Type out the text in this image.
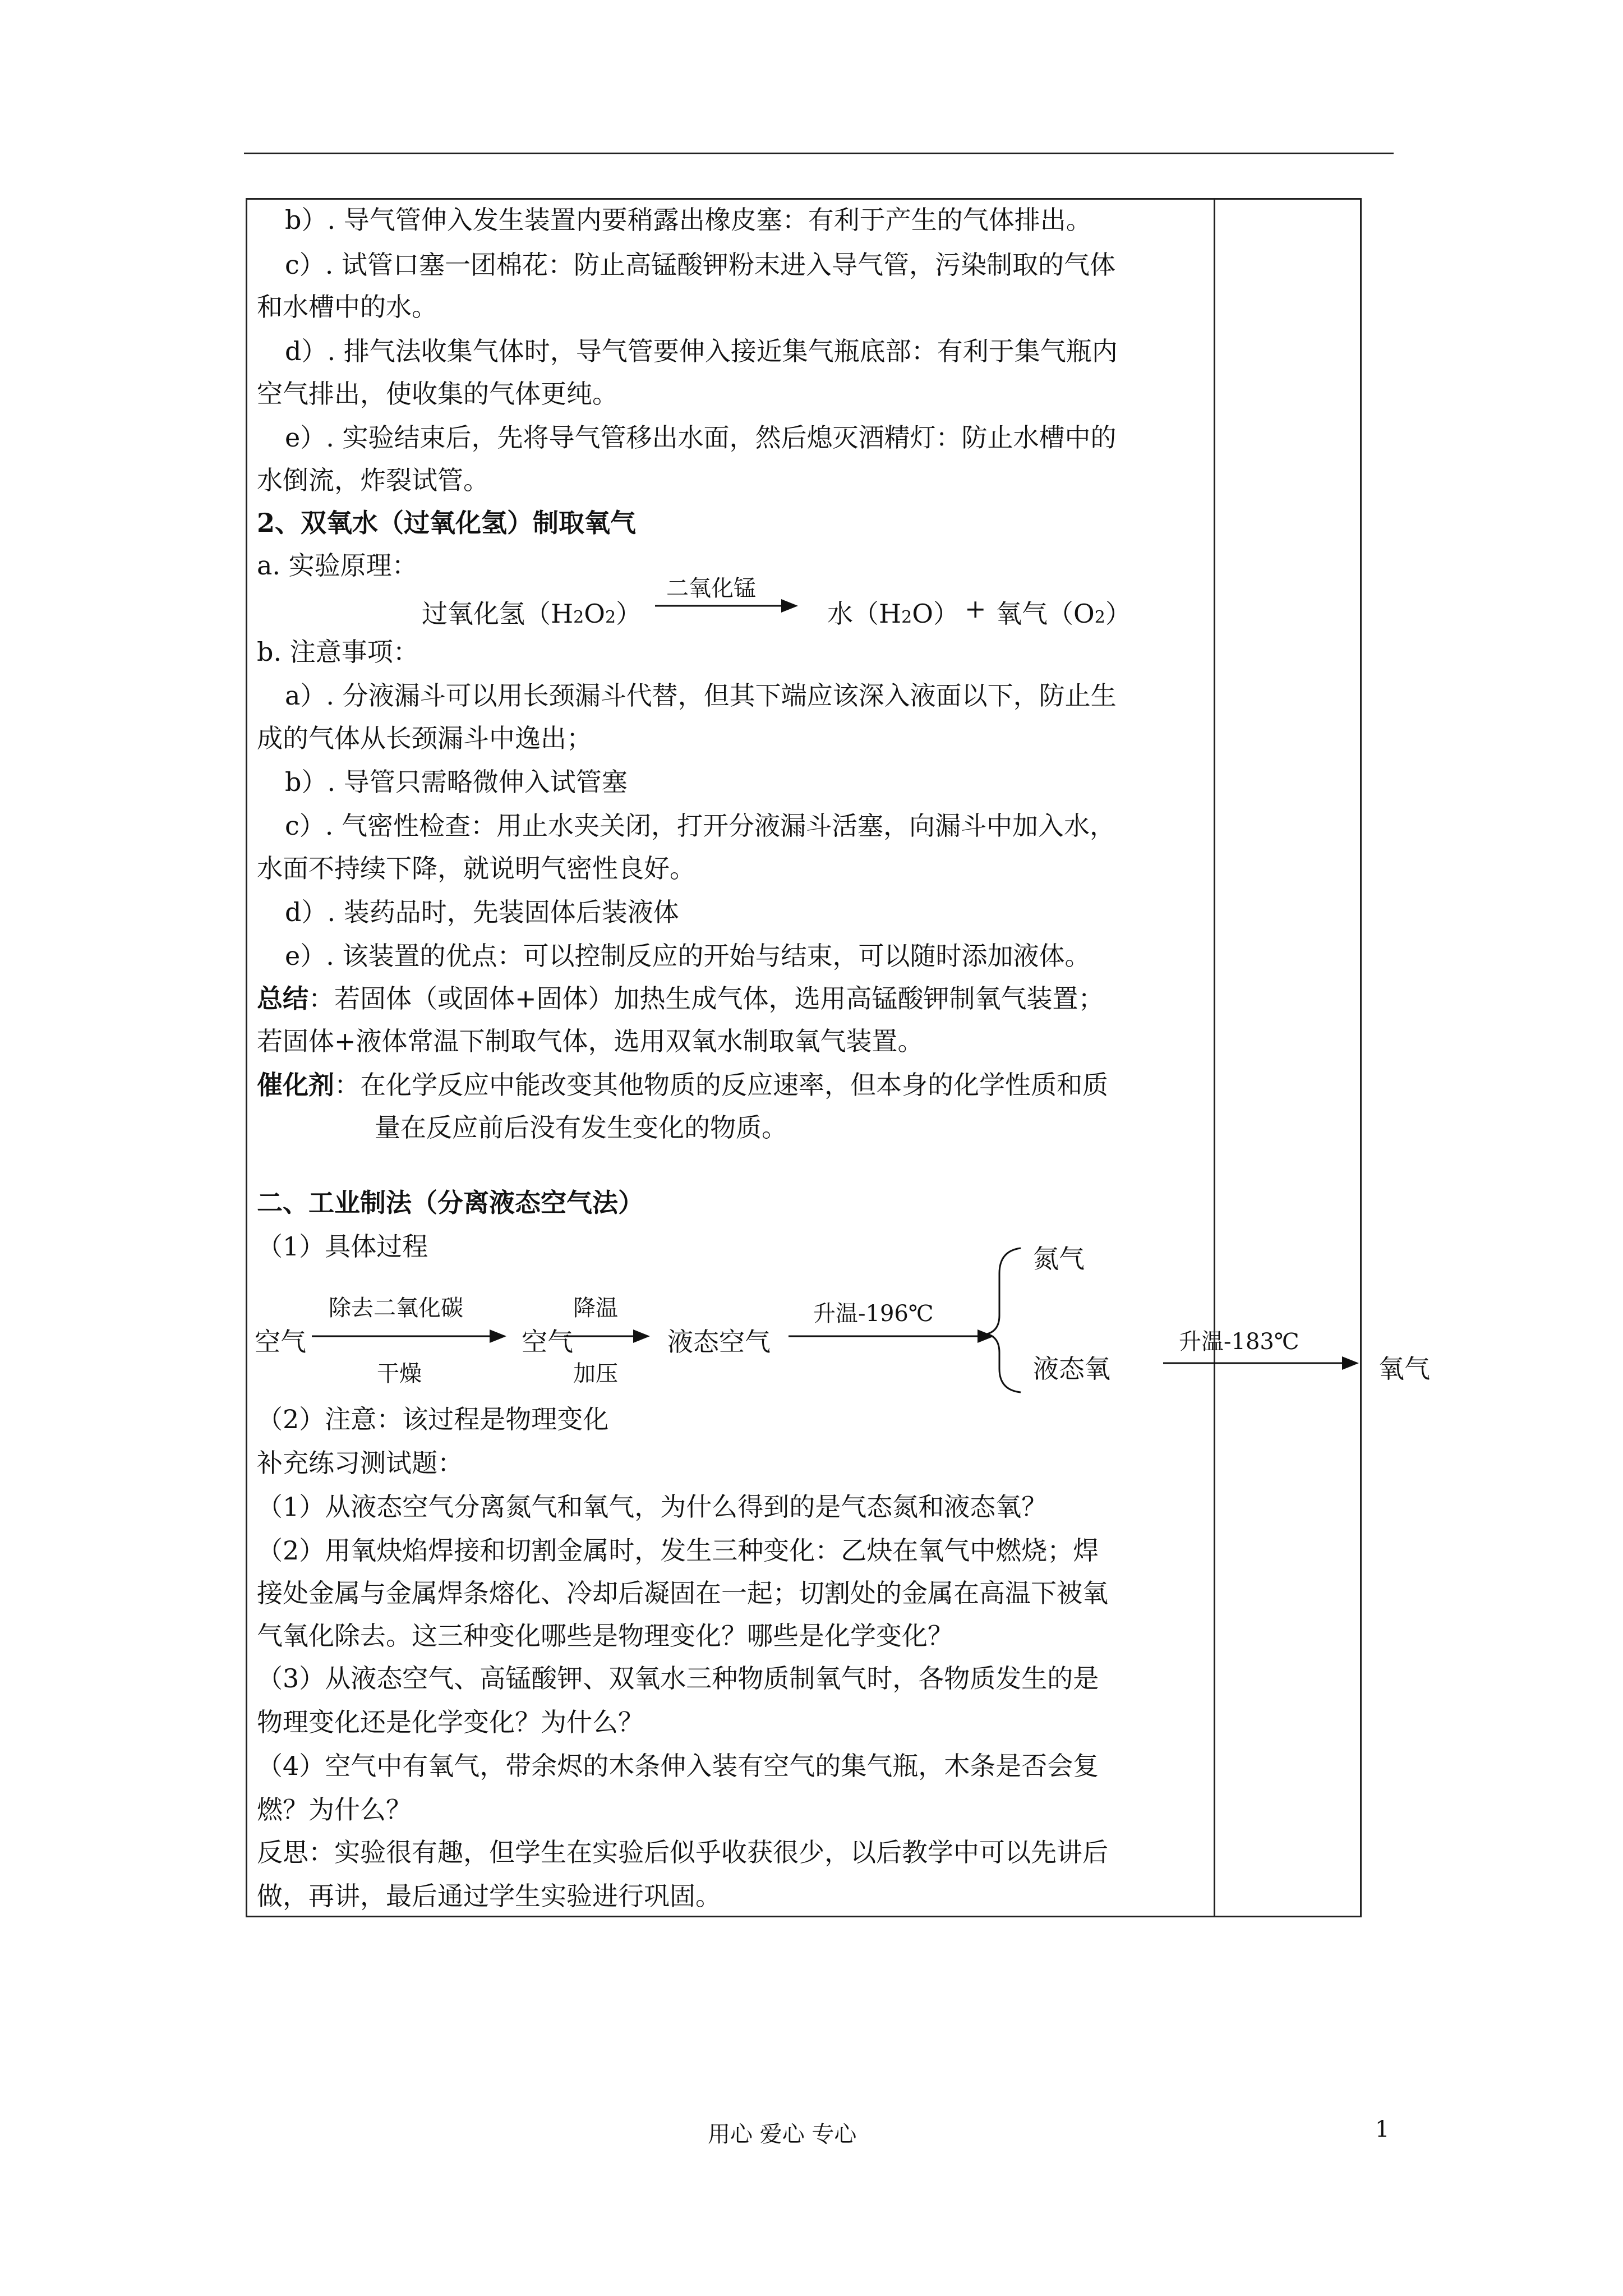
b）. 导气管伸入发生装置内要稍露出橡皮塞：有利于产生的气体排出。
c）. 试管口塞一团棉花：防止高锰酸钾粉末进入导气管，污染制取的气体
和水槽中的水。
d）. 排气法收集气体时，导气管要伸入接近集气瓶底部：有利于集气瓶内
空气排出，使收集的气体更纯。
e）. 实验结束后，先将导气管移出水面，然后熄灭酒精灯：防止水槽中的
水倒流，炸裂试管。
2、双氧水（过氧化氢）制取氧气
a. 实验原理：
过氧化氢（H2O2）
二氧化锰
水（H2O） + 氧气（O2）
b. 注意事项：
a）. 分液漏斗可以用长颈漏斗代替，但其下端应该深入液面以下，防止生
成的气体从长颈漏斗中逸出；
b）. 导管只需略微伸入试管塞
c）. 气密性检查：用止水夹关闭，打开分液漏斗活塞，向漏斗中加入水，
水面不持续下降，就说明气密性良好。
d）. 装药品时，先装固体后装液体
e）. 该装置的优点：可以控制反应的开始与结束，可以随时添加液体。
总结：若固体（或固体+固体）加热生成气体，选用高锰酸钾制氧气装置；
若固体+液体常温下制取气体，选用双氧水制取氧气装置。
催化剂：在化学反应中能改变其他物质的反应速率，但本身的化学性质和质
量在反应前后没有发生变化的物质。
二、工业制法（分离液态空气法）
（1）具体过程
空气
除去二氧化碳
干燥
空气
降温
加压
液态空气
升温-196℃
氮气
液态氧
升温-183℃
氧气
（2）注意：该过程是物理变化
补充练习测试题：
（1）从液态空气分离氮气和氧气，为什么得到的是气态氮和液态氧？
（2）用氧炔焰焊接和切割金属时，发生三种变化：乙炔在氧气中燃烧；焊
接处金属与金属焊条熔化、冷却后凝固在一起；切割处的金属在高温下被氧
气氧化除去。这三种变化哪些是物理变化？哪些是化学变化？
（3）从液态空气、高锰酸钾、双氧水三种物质制氧气时，各物质发生的是
物理变化还是化学变化？为什么？
（4）空气中有氧气，带余烬的木条伸入装有空气的集气瓶，木条是否会复
燃？为什么？
反思：实验很有趣，但学生在实验后似乎收获很少，以后教学中可以先讲后
做，再讲，最后通过学生实验进行巩固。
用心 爱心 专心	1
